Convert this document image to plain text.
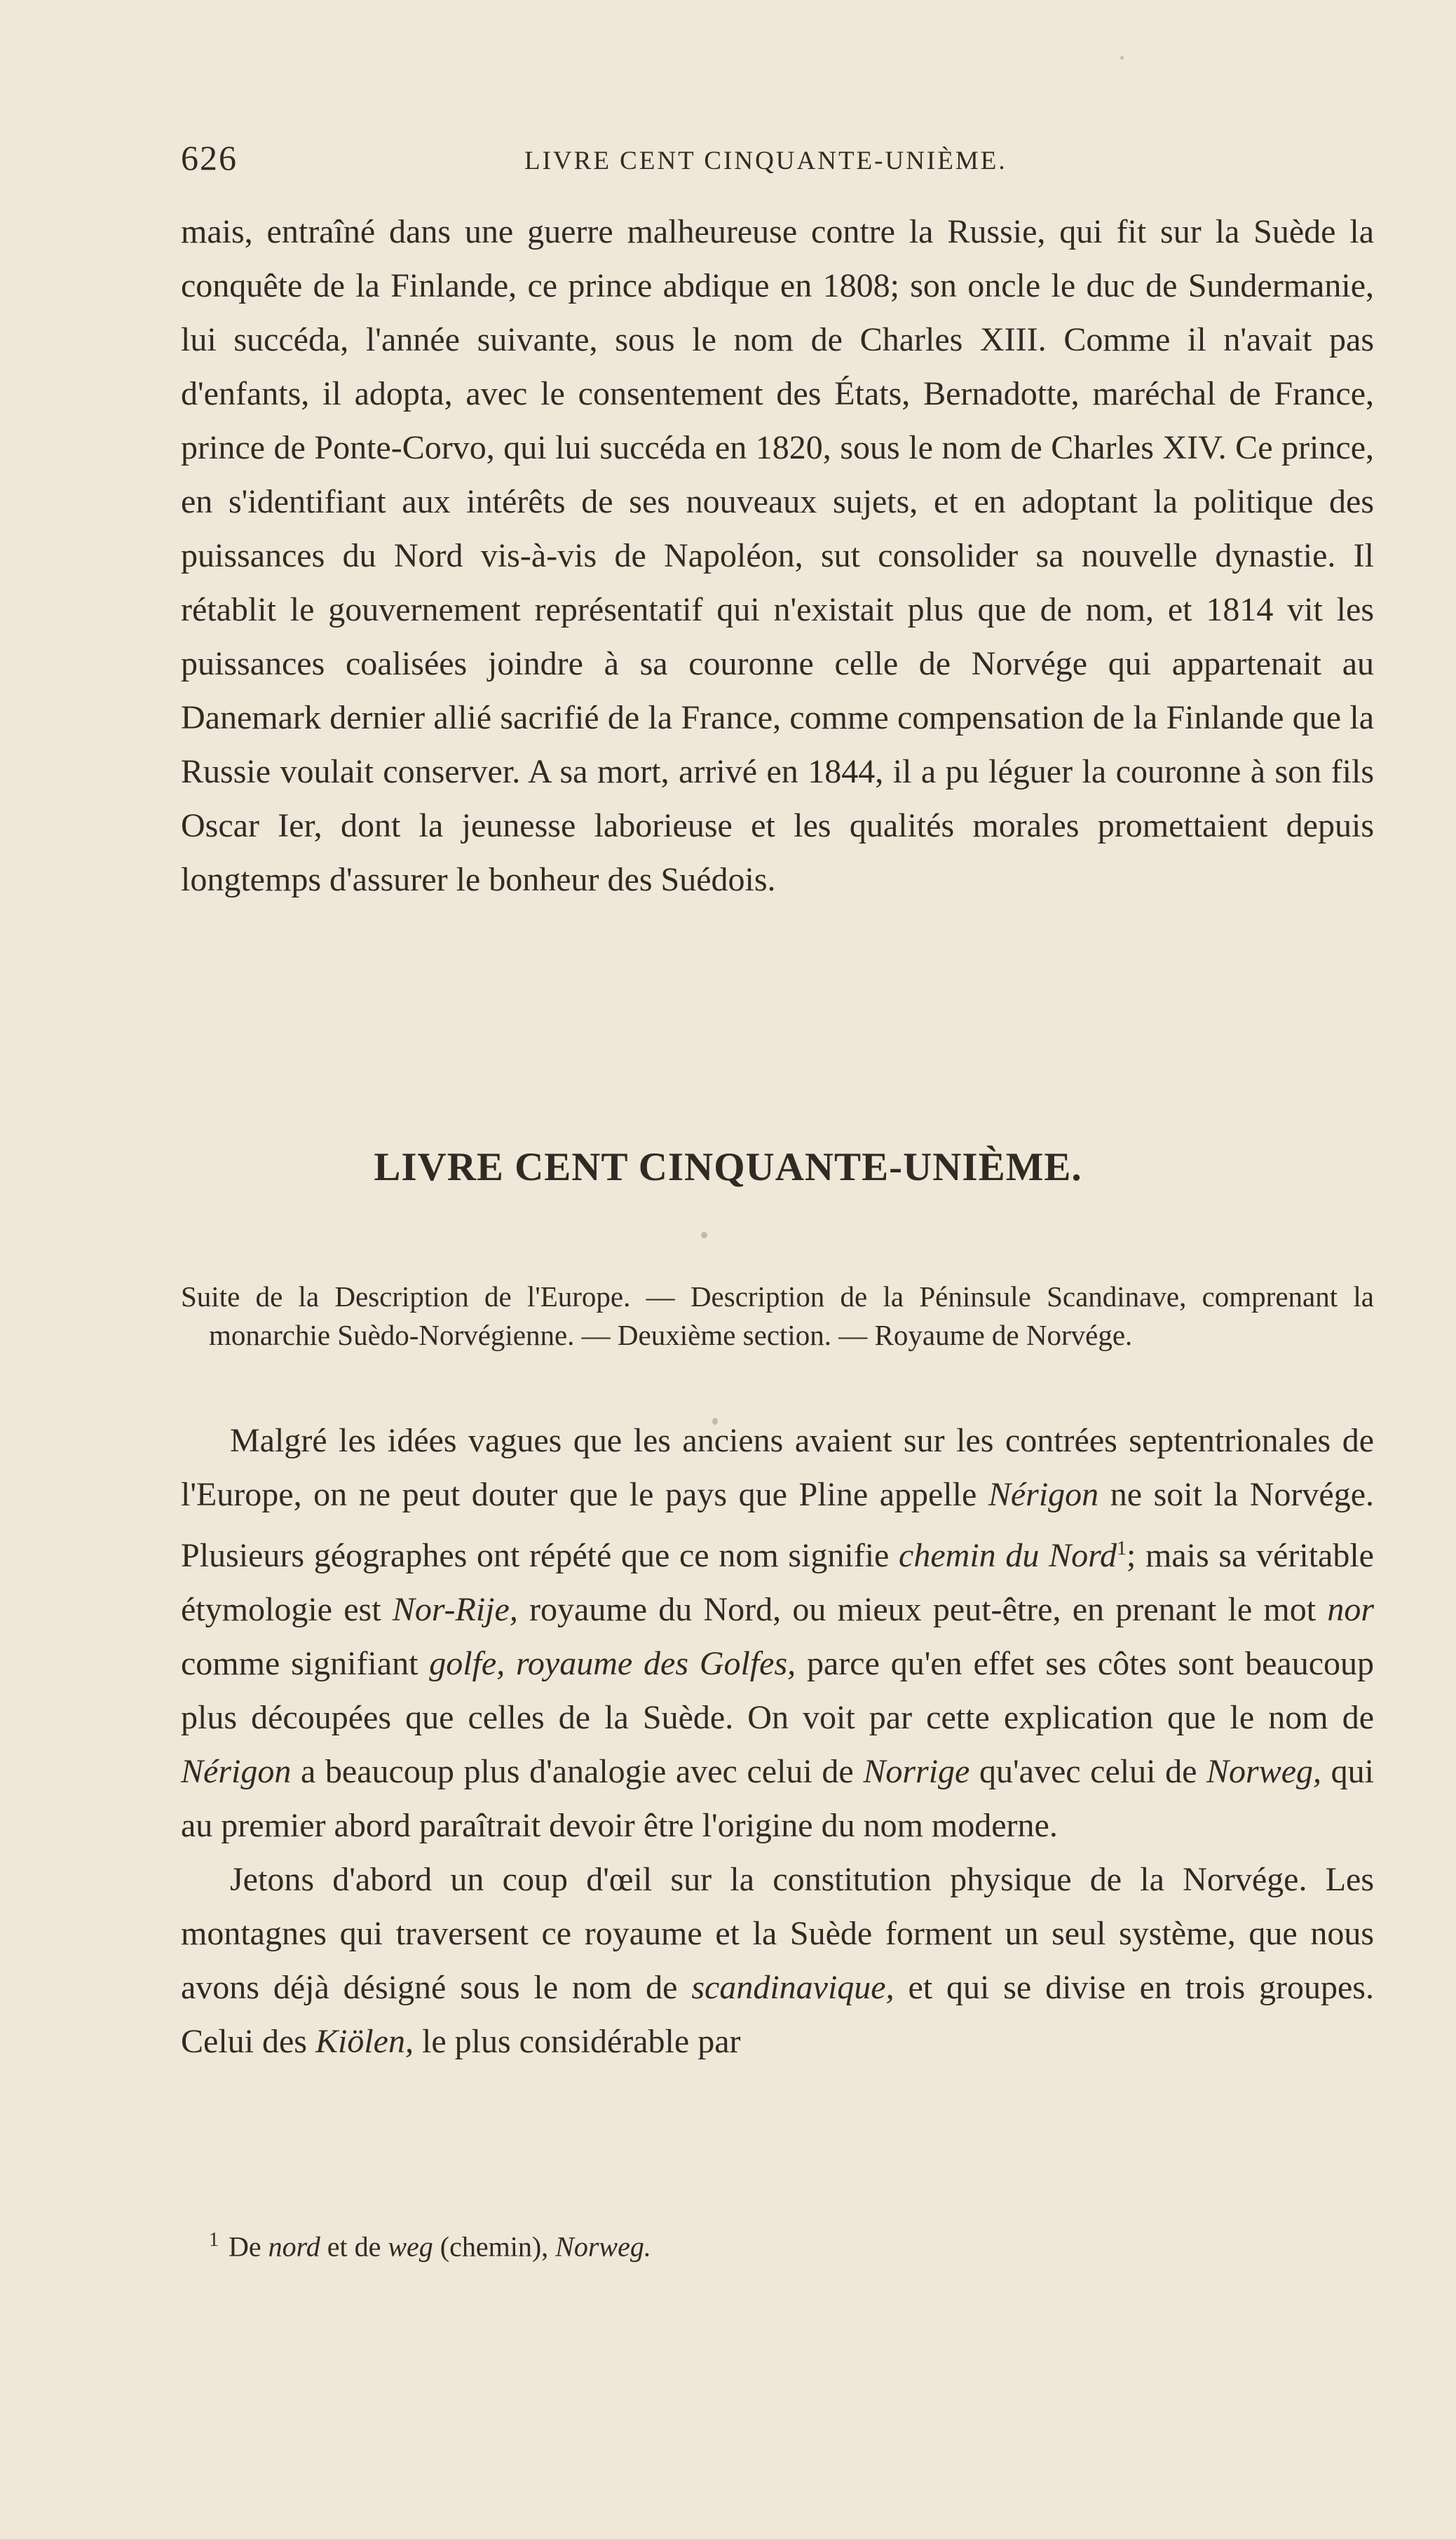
626	LIVRE CENT CINQUANTE-UNIÈME.

mais, entraîné dans une guerre malheureuse contre la Russie, qui fit sur la Suède la conquête de la Finlande, ce prince abdique en 1808; son oncle le duc de Sundermanie, lui succéda, l'année suivante, sous le nom de Charles XIII. Comme il n'avait pas d'enfants, il adopta, avec le consentement des États, Bernadotte, maréchal de France, prince de Ponte-Corvo, qui lui succéda en 1820, sous le nom de Charles XIV. Ce prince, en s'identifiant aux intérêts de ses nouveaux sujets, et en adoptant la politique des puissances du Nord vis-à-vis de Napoléon, sut consolider sa nouvelle dynastie. Il rétablit le gouvernement représentatif qui n'existait plus que de nom, et 1814 vit les puissances coalisées joindre à sa couronne celle de Norvége qui appartenait au Danemark dernier allié sacrifié de la France, comme compensation de la Finlande que la Russie voulait conserver. A sa mort, arrivé en 1844, il a pu léguer la couronne à son fils Oscar Ier, dont la jeunesse laborieuse et les qualités morales promettaient depuis longtemps d'assurer le bonheur des Suédois.

LIVRE CENT CINQUANTE-UNIÈME.
Suite de la Description de l'Europe. — Description de la Péninsule Scandinave, comprenant la monarchie Suèdo-Norvégienne. — Deuxième section. — Royaume de Norvége.

Malgré les idées vagues que les anciens avaient sur les contrées septentrionales de l'Europe, on ne peut douter que le pays que Pline appelle Nérigon ne soit la Norvége. Plusieurs géographes ont répété que ce nom signifie chemin du Nord$^1$; mais sa véritable étymologie est Nor-Rije, royaume du Nord, ou mieux peut-être, en prenant le mot nor comme signifiant golfe, royaume des Golfes, parce qu'en effet ses côtes sont beaucoup plus découpées que celles de la Suède. On voit par cette explication que le nom de Nérigon a beaucoup plus d'analogie avec celui de Norrige qu'avec celui de Norweg, qui au premier abord paraîtrait devoir être l'origine du nom moderne.

Jetons d'abord un coup d'œil sur la constitution physique de la Norvége. Les montagnes qui traversent ce royaume et la Suède forment un seul système, que nous avons déjà désigné sous le nom de scandinavique, et qui se divise en trois groupes. Celui des Kiölen, le plus considérable par

$^1$ De nord et de weg (chemin), Norweg.
